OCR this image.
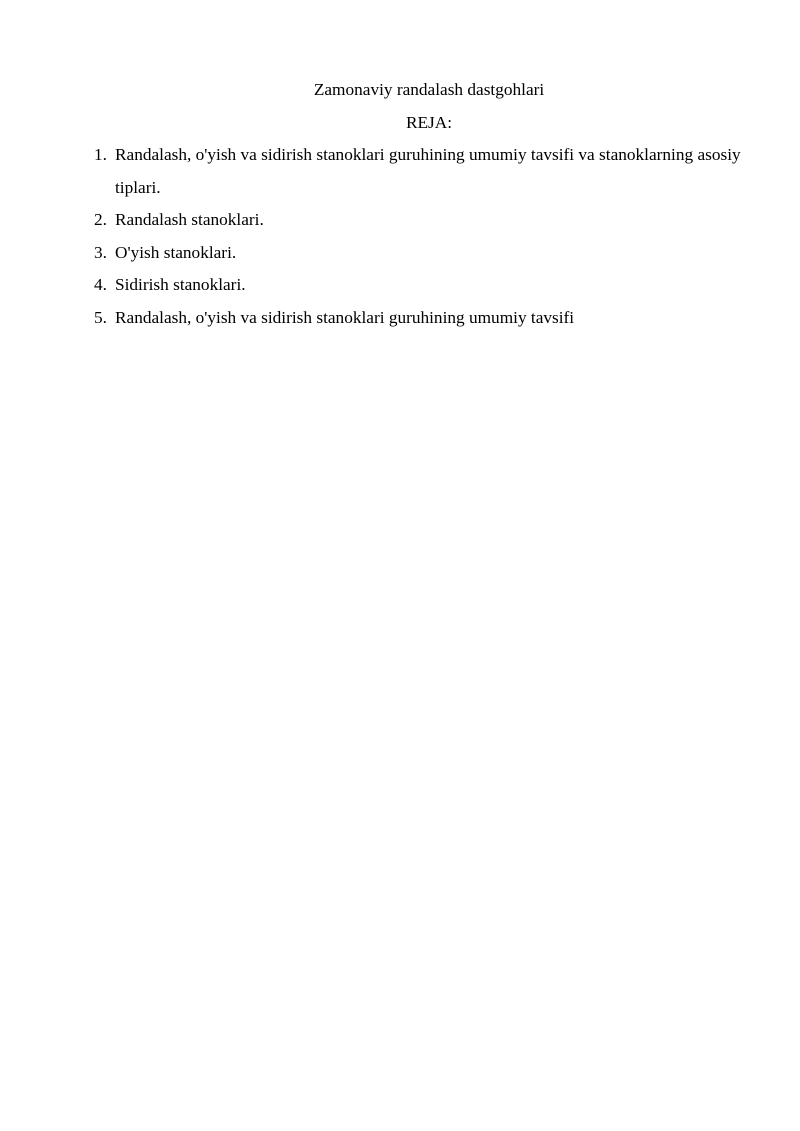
Zamonaviy randalash dastgohlari
REJA:
1. Randalash, o'yish va sidirish stanoklari guruhining umumiy tavsifi va stanoklarning asosiy tiplari.
2. Randalash stanoklari.
3. O'yish stanoklari.
4. Sidirish stanoklari.
5. Randalash, o'yish va sidirish stanoklari guruhining umumiy tavsifi
